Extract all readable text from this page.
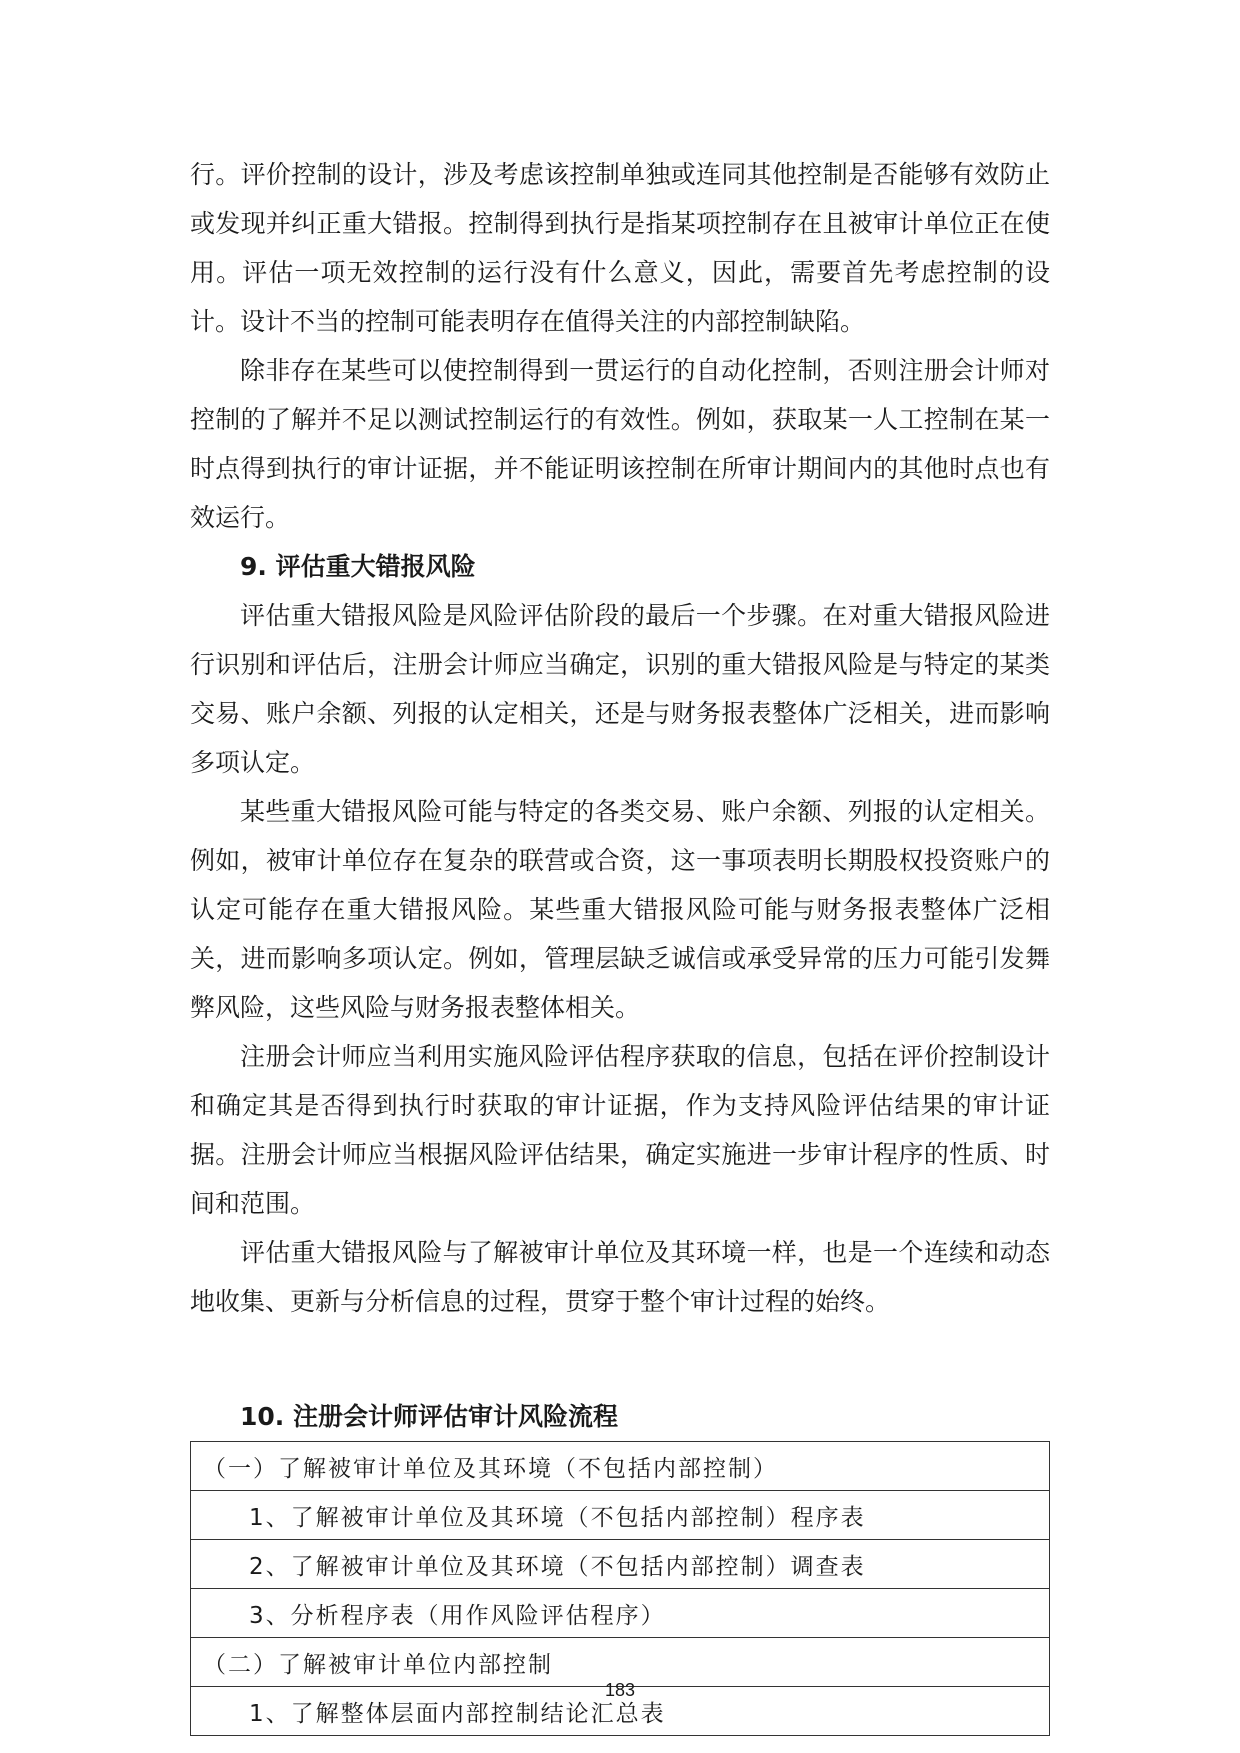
行。评价控制的设计，涉及考虑该控制单独或连同其他控制是否能够有效防止或发现并纠正重大错报。控制得到执行是指某项控制存在且被审计单位正在使用。评估一项无效控制的运行没有什么意义，因此，需要首先考虑控制的设计。设计不当的控制可能表明存在值得关注的内部控制缺陷。

除非存在某些可以使控制得到一贯运行的自动化控制，否则注册会计师对控制的了解并不足以测试控制运行的有效性。例如，获取某一人工控制在某一时点得到执行的审计证据，并不能证明该控制在所审计期间内的其他时点也有效运行。

9. 评估重大错报风险

评估重大错报风险是风险评估阶段的最后一个步骤。在对重大错报风险进行识别和评估后，注册会计师应当确定，识别的重大错报风险是与特定的某类交易、账户余额、列报的认定相关，还是与财务报表整体广泛相关，进而影响多项认定。

某些重大错报风险可能与特定的各类交易、账户余额、列报的认定相关。例如，被审计单位存在复杂的联营或合资，这一事项表明长期股权投资账户的认定可能存在重大错报风险。某些重大错报风险可能与财务报表整体广泛相关，进而影响多项认定。例如，管理层缺乏诚信或承受异常的压力可能引发舞弊风险，这些风险与财务报表整体相关。

注册会计师应当利用实施风险评估程序获取的信息，包括在评价控制设计和确定其是否得到执行时获取的审计证据，作为支持风险评估结果的审计证据。注册会计师应当根据风险评估结果，确定实施进一步审计程序的性质、时间和范围。

评估重大错报风险与了解被审计单位及其环境一样，也是一个连续和动态地收集、更新与分析信息的过程，贯穿于整个审计过程的始终。

10. 注册会计师评估审计风险流程
（一）了解被审计单位及其环境（不包括内部控制）
1、了解被审计单位及其环境（不包括内部控制）程序表
2、了解被审计单位及其环境（不包括内部控制）调查表
3、分析程序表（用作风险评估程序）
（二）了解被审计单位内部控制
1、了解整体层面内部控制结论汇总表
183
